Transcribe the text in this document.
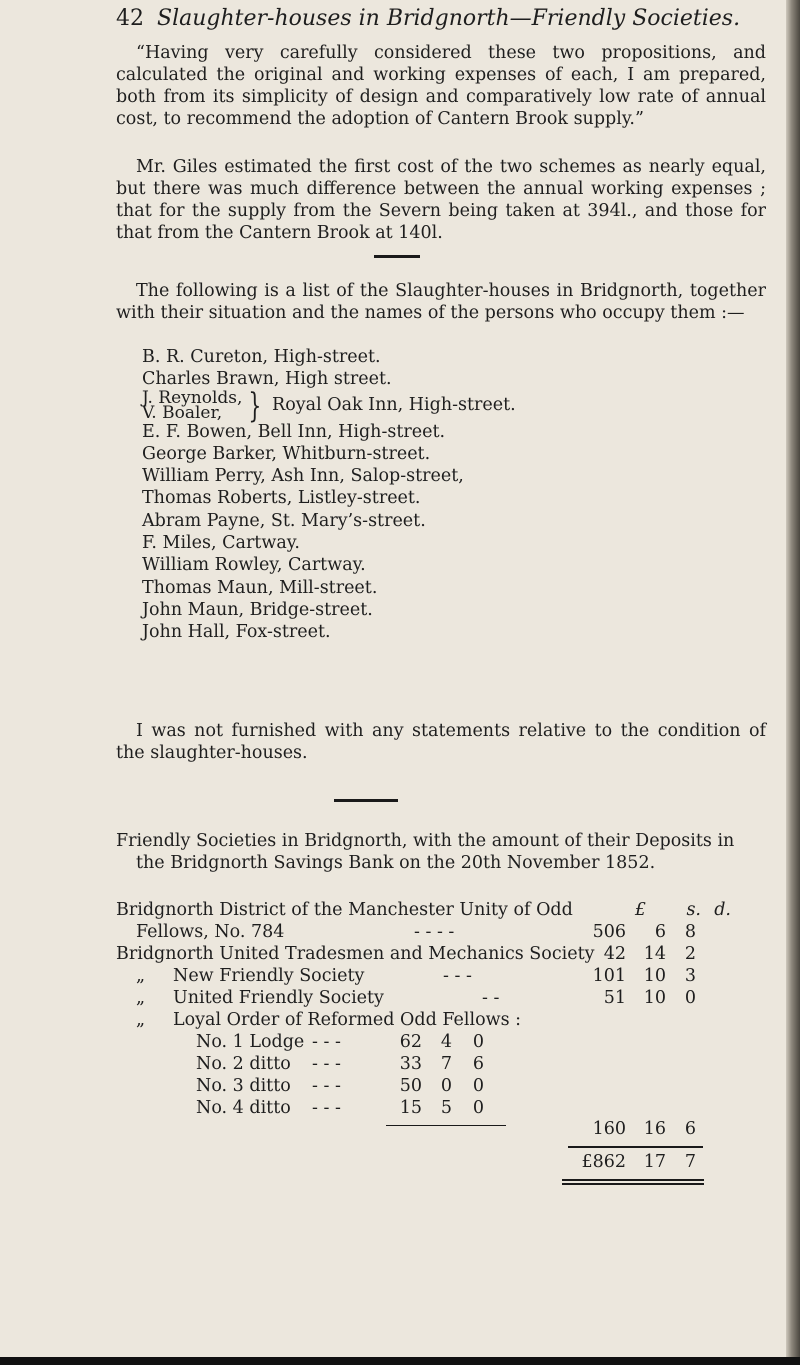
42 Slaughter-houses in Bridgnorth—Friendly Societies.
“Having very carefully considered these two propositions, and calculated the original and working expenses of each, I am prepared, both from its simplicity of design and comparatively low rate of annual cost, to recommend the adoption of Cantern Brook supply.”
Mr. Giles estimated the first cost of the two schemes as nearly equal, but there was much difference between the annual working expenses ; that for the supply from the Severn being taken at 394l., and those for that from the Cantern Brook at 140l.
The following is a list of the Slaughter-houses in Bridgnorth, together with their situation and the names of the persons who occupy them :—
B. R. Cureton, High-street.
Charles Brawn, High street.
J. Reynolds,
V. Boaler, } Royal Oak Inn, High-street.
E. F. Bowen, Bell Inn, High-street.
George Barker, Whitburn-street.
William Perry, Ash Inn, Salop-street,
Thomas Roberts, Listley-street.
Abram Payne, St. Mary’s-street.
F. Miles, Cartway.
William Rowley, Cartway.
Thomas Maun, Mill-street.
John Maun, Bridge-street.
John Hall, Fox-street.
I was not furnished with any statements relative to the condition of the slaughter-houses.
Friendly Societies in Bridgnorth, with the amount of their Deposits in the Bridgnorth Savings Bank on the 20th November 1852.
£	s. d.
Bridgnorth District of the Manchester Unity of Odd
Fellows, No. 784	- - - -	506	6	8
Bridgnorth United Tradesmen and Mechanics Society 42	14	2
„ New Friendly Society	- - -	101	10	3
„ United Friendly Society	- -	51	10	0
„ Loyal Order of Reformed Odd Fellows :
No. 1 Lodge - - -	62	4	0
No. 2 ditto - - -	33	7	6
No. 3 ditto - - -	50	0	0
No. 4 ditto - - -	15	5	0
160	16	6
£862	17	7
